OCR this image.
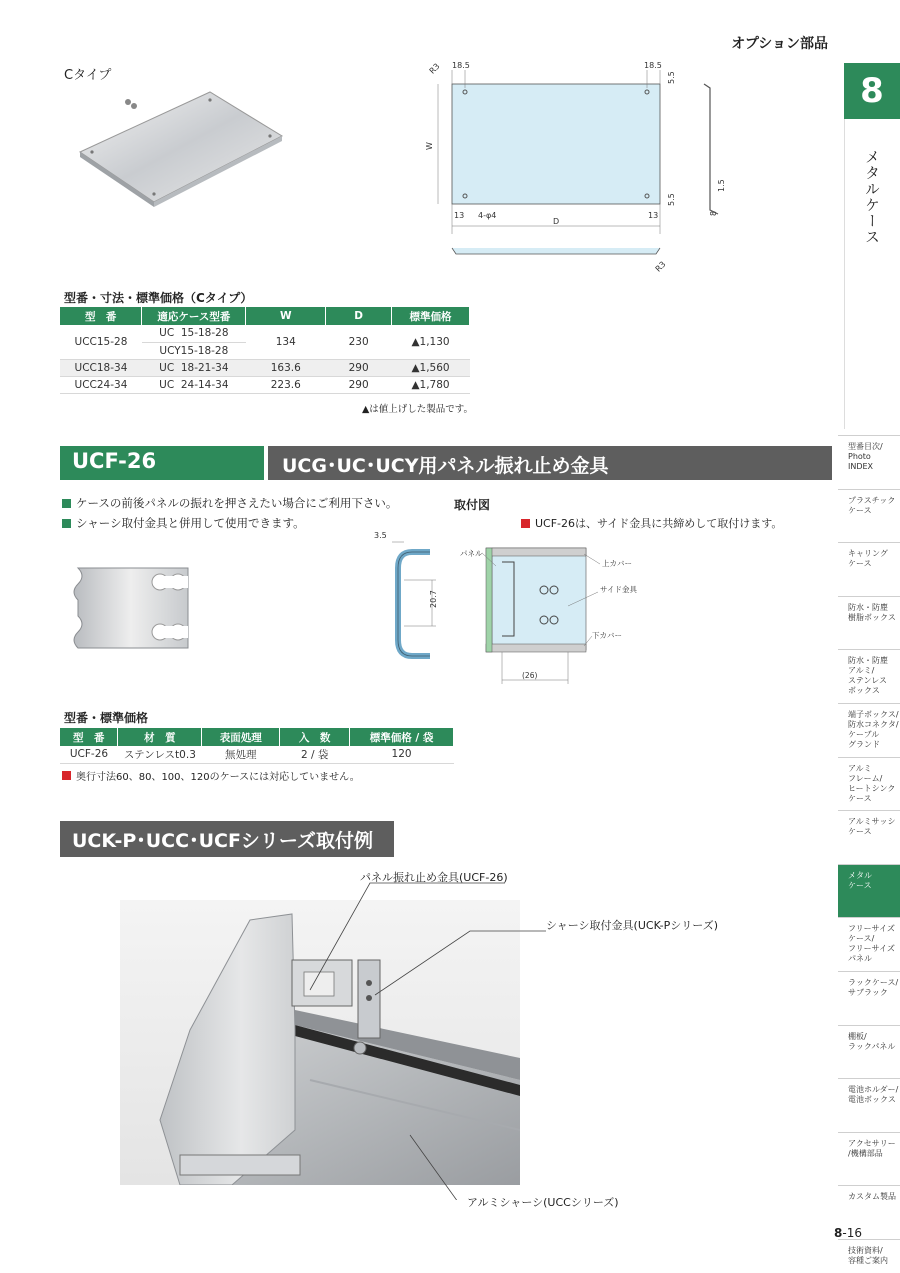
オプション部品
8
メタルケース
型番目次/
Photo
INDEX
プラスチック
ケース
キャリング
ケース
防水・防塵
樹脂ボックス
防水・防塵
アルミ/
ステンレス
ボックス
端子ボックス/
防水コネクタ/
ケーブル
グランド
アルミ
フレーム/
ヒートシンク
ケース
アルミサッシ
ケース
メタル
ケース
フリーサイズ
ケース/
フリーサイズ
パネル
ラックケース/
サブラック
棚板/
ラックパネル
電池ホルダー/
電池ボックス
アクセサリー
/機構部品
カスタム製品
技術資料/
容種ご案内
Cタイプ
18.5	18.5
5.5
5.5
R3
W
D
13	13
4-φ4
R3
1.5
8
型番・寸法・標準価格（Cタイプ）
型　番	適応ケース型番	W	D	標準価格
UCC15-28	UC  15-18-28	134	230	▲1,130
	UCY15-18-28			
UCC18-34	UC  18-21-34	163.6	290	▲1,560
UCC24-34	UC  24-14-34	223.6	290	▲1,780
▲は値上げした製品です。
UCF-26	UCG･UC･UCY用パネル振れ止め金具
ケースの前後パネルの振れを押さえたい場合にご利用下さい。
シャーシ取付金具と併用して使用できます。
取付図
UCF-26は、サイド金具に共締めして取付けます。
3.5
20.7
パネル
上カバー
サイド金具
下カバー
(26)
型番・標準価格
型　番	材　質	表面処理	入　数	標準価格 / 袋
UCF-26	ステンレスt0.3	無処理	2 / 袋	120
奥行寸法60、80、100、120のケースには対応していません。
UCK-P･UCC･UCFシリーズ取付例
パネル振れ止め金具(UCF-26)
シャーシ取付金具(UCK-Pシリーズ)
アルミシャーシ(UCCシリーズ)
8-16
